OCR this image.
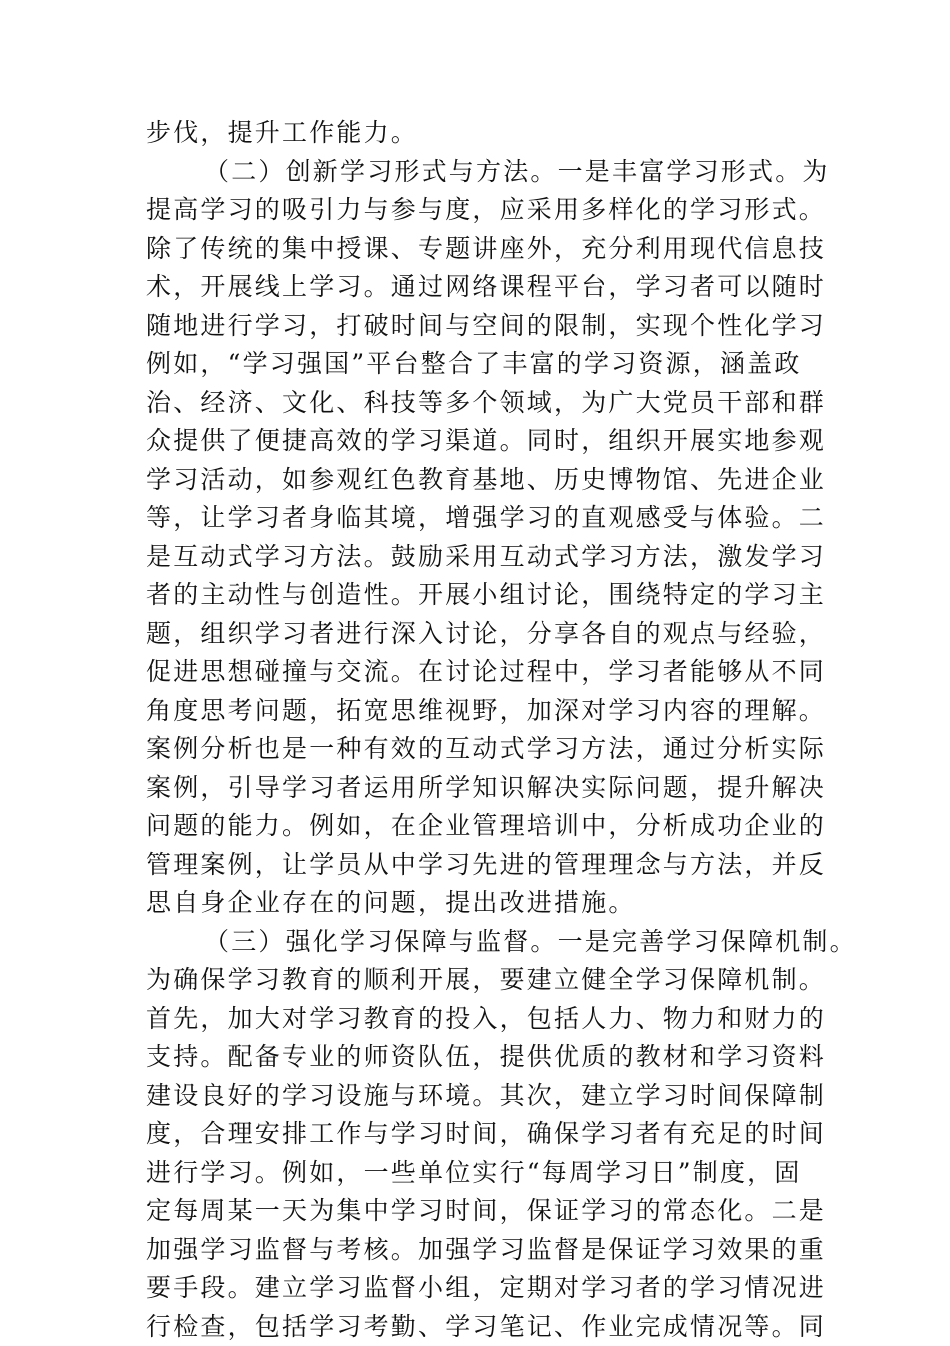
步伐，提升工作能力。
（二）创新学习形式与方法。一是丰富学习形式。为
提高学习的吸引力与参与度，应采用多样化的学习形式。
除了传统的集中授课、专题讲座外，充分利用现代信息技
术，开展线上学习。通过网络课程平台，学习者可以随时
随地进行学习，打破时间与空间的限制，实现个性化学习
例如，“学习强国”平台整合了丰富的学习资源，涵盖政
治、经济、文化、科技等多个领域，为广大党员干部和群
众提供了便捷高效的学习渠道。同时，组织开展实地参观
学习活动，如参观红色教育基地、历史博物馆、先进企业
等，让学习者身临其境，增强学习的直观感受与体验。二
是互动式学习方法。鼓励采用互动式学习方法，激发学习
者的主动性与创造性。开展小组讨论，围绕特定的学习主
题，组织学习者进行深入讨论，分享各自的观点与经验，
促进思想碰撞与交流。在讨论过程中，学习者能够从不同
角度思考问题，拓宽思维视野，加深对学习内容的理解。
案例分析也是一种有效的互动式学习方法，通过分析实际
案例，引导学习者运用所学知识解决实际问题，提升解决
问题的能力。例如，在企业管理培训中，分析成功企业的
管理案例，让学员从中学习先进的管理理念与方法，并反
思自身企业存在的问题，提出改进措施。
（三）强化学习保障与监督。一是完善学习保障机制。
为确保学习教育的顺利开展，要建立健全学习保障机制。
首先，加大对学习教育的投入，包括人力、物力和财力的
支持。配备专业的师资队伍，提供优质的教材和学习资料
建设良好的学习设施与环境。其次，建立学习时间保障制
度，合理安排工作与学习时间，确保学习者有充足的时间
进行学习。例如，一些单位实行“每周学习日”制度，固
定每周某一天为集中学习时间，保证学习的常态化。二是
加强学习监督与考核。加强学习监督是保证学习效果的重
要手段。建立学习监督小组，定期对学习者的学习情况进
行检查，包括学习考勤、学习笔记、作业完成情况等。同
